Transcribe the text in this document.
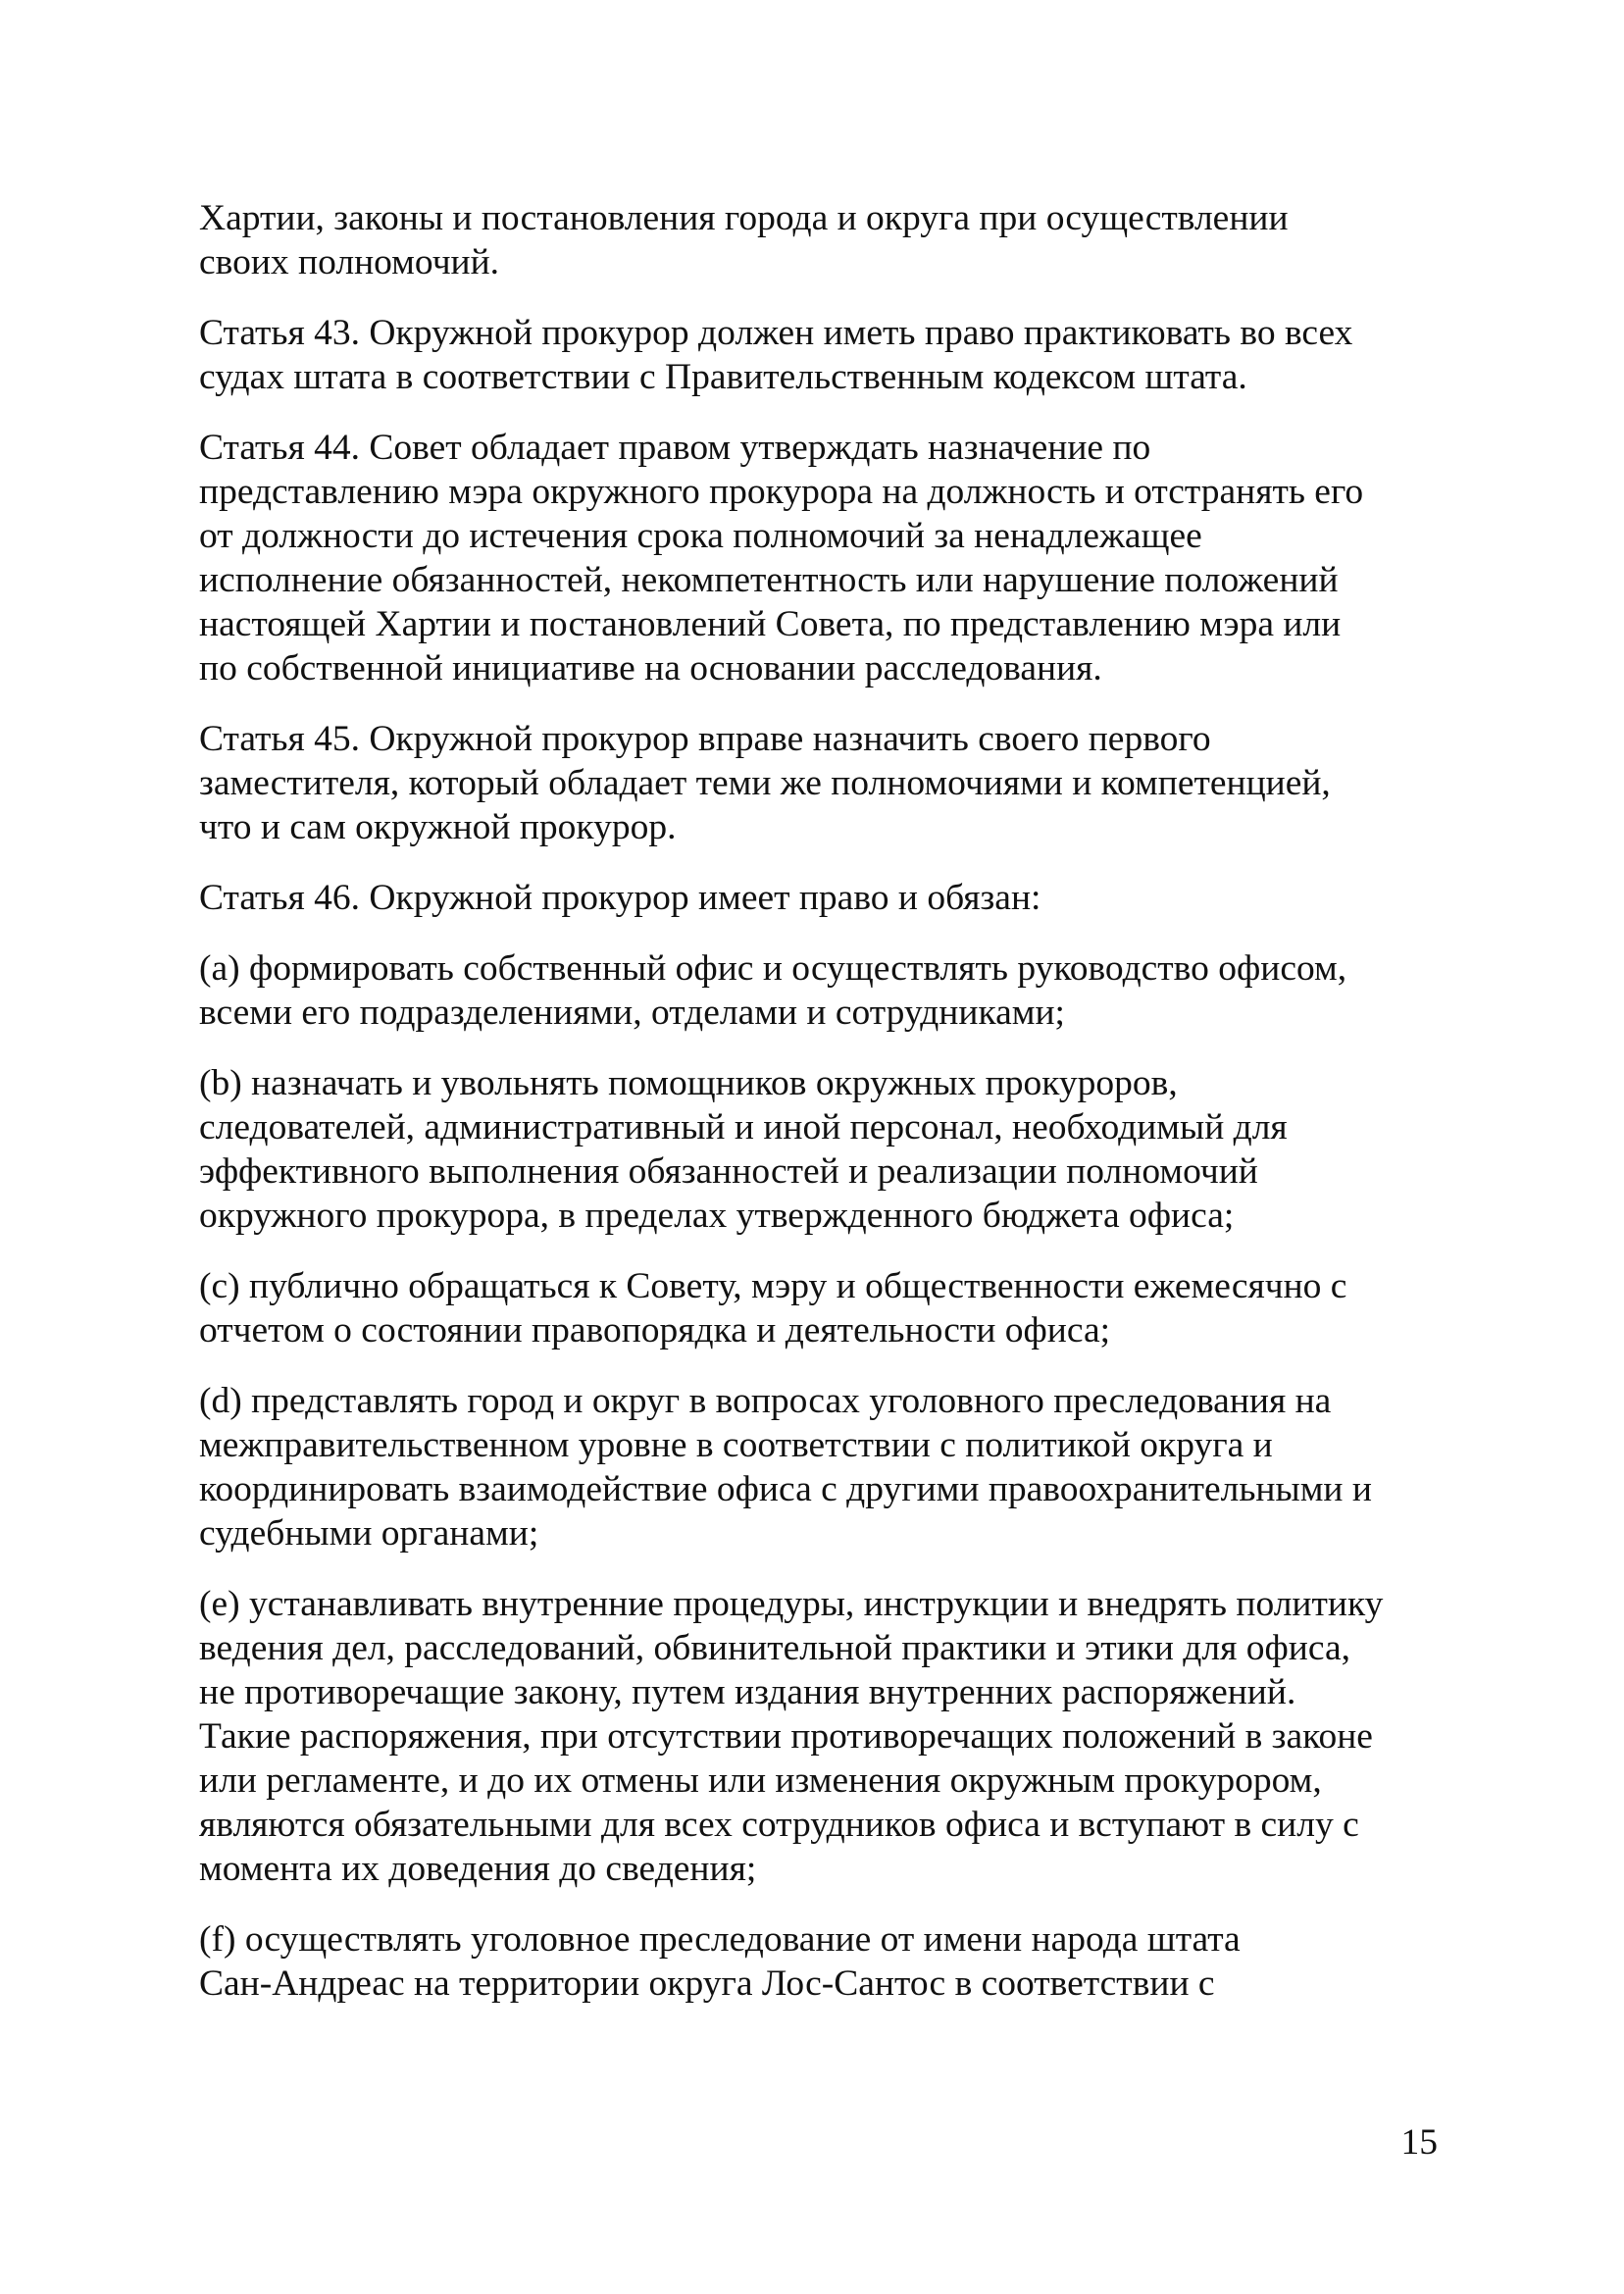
Хартии, законы и постановления города и округа при осуществлении
своих полномочий.

Статья 43. Окружной прокурор должен иметь право практиковать во всех
судах штата в соответствии с Правительственным кодексом штата.

Статья 44. Совет обладает правом утверждать назначение по
представлению мэра окружного прокурора на должность и отстранять его
от должности до истечения срока полномочий за ненадлежащее
исполнение обязанностей, некомпетентность или нарушение положений
настоящей Хартии и постановлений Совета, по представлению мэра или
по собственной инициативе на основании расследования.

Статья 45. Окружной прокурор вправе назначить своего первого
заместителя, который обладает теми же полномочиями и компетенцией,
что и сам окружной прокурор.

Статья 46. Окружной прокурор имеет право и обязан:

(a) формировать собственный офис и осуществлять руководство офисом,
всеми его подразделениями, отделами и сотрудниками;

(b) назначать и увольнять помощников окружных прокуроров,
следователей, административный и иной персонал, необходимый для
эффективного выполнения обязанностей и реализации полномочий
окружного прокурора, в пределах утвержденного бюджета офиса;

(c) публично обращаться к Совету, мэру и общественности ежемесячно с
отчетом о состоянии правопорядка и деятельности офиса;

(d) представлять город и округ в вопросах уголовного преследования на
межправительственном уровне в соответствии с политикой округа и
координировать взаимодействие офиса с другими правоохранительными и
судебными органами;

(e) устанавливать внутренние процедуры, инструкции и внедрять политику
ведения дел, расследований, обвинительной практики и этики для офиса,
не противоречащие закону, путем издания внутренних распоряжений.
Такие распоряжения, при отсутствии противоречащих положений в законе
или регламенте, и до их отмены или изменения окружным прокурором,
являются обязательными для всех сотрудников офиса и вступают в силу с
момента их доведения до сведения;

(f) осуществлять уголовное преследование от имени народа штата
Сан-Андреас на территории округа Лос-Сантос в соответствии с

15
